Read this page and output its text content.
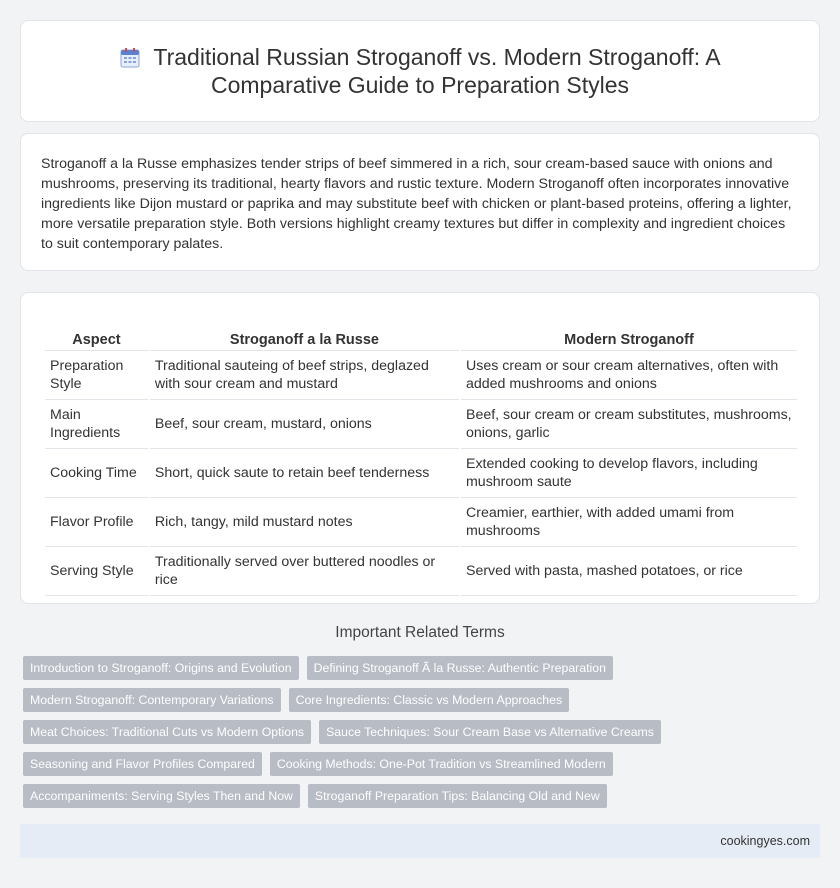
Traditional Russian Stroganoff vs. Modern Stroganoff: A Comparative Guide to Preparation Styles

Stroganoff a la Russe emphasizes tender strips of beef simmered in a rich, sour cream-based sauce with onions and mushrooms, preserving its traditional, hearty flavors and rustic texture. Modern Stroganoff often incorporates innovative ingredients like Dijon mustard or paprika and may substitute beef with chicken or plant-based proteins, offering a lighter, more versatile preparation style. Both versions highlight creamy textures but differ in complexity and ingredient choices to suit contemporary palates.

Aspect	Stroganoff a la Russe	Modern Stroganoff
Preparation Style	Traditional sauteing of beef strips, deglazed with sour cream and mustard	Uses cream or sour cream alternatives, often with added mushrooms and onions
Main Ingredients	Beef, sour cream, mustard, onions	Beef, sour cream or cream substitutes, mushrooms, onions, garlic
Cooking Time	Short, quick saute to retain beef tenderness	Extended cooking to develop flavors, including mushroom saute
Flavor Profile	Rich, tangy, mild mustard notes	Creamier, earthier, with added umami from mushrooms
Serving Style	Traditionally served over buttered noodles or rice	Served with pasta, mashed potatoes, or rice
Important Related Terms
Introduction to Stroganoff: Origins and Evolution	Defining Stroganoff Ã la Russe: Authentic Preparation
Modern Stroganoff: Contemporary Variations	Core Ingredients: Classic vs Modern Approaches
Meat Choices: Traditional Cuts vs Modern Options	Sauce Techniques: Sour Cream Base vs Alternative Creams
Seasoning and Flavor Profiles Compared	Cooking Methods: One-Pot Tradition vs Streamlined Modern
Accompaniments: Serving Styles Then and Now	Stroganoff Preparation Tips: Balancing Old and New
cookingyes.com
